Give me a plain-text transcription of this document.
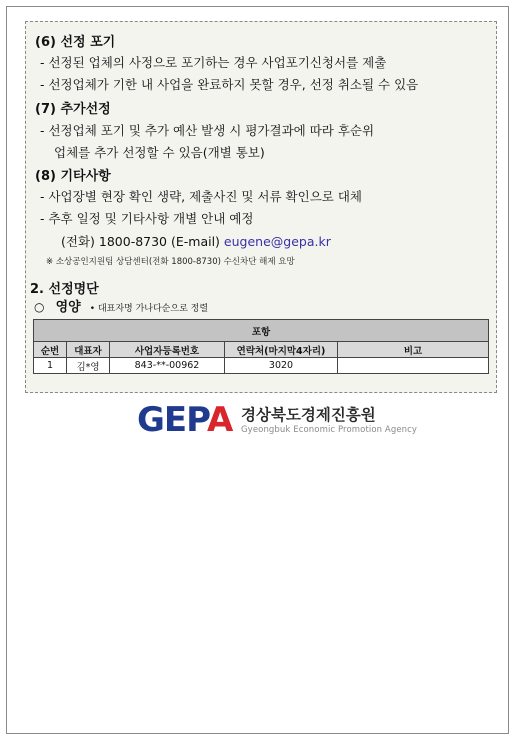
(6) 선정 포기
- 선정된 업체의 사정으로 포기하는 경우 사업포기신청서를 제출
- 선정업체가 기한 내 사업을 완료하지 못할 경우, 선정 취소될 수 있음
(7) 추가선정
- 선정업체 포기 및 추가 예산 발생 시 평가결과에 따라 후순위
업체를 추가 선정할 수 있음(개별 통보)
(8) 기타사항
- 사업장별 현장 확인 생략, 제출사진 및 서류 확인으로 대체
- 추후 일정 및 기타사항 개별 안내 예정
(전화) 1800-8730 (E-mail) eugene@gepa.kr
※ 소상공인지원팀 상담센터(전화 1800-8730) 수신차단 해제 요망
2. 선정명단
○ 영양 • 대표자명 가나다순으로 정렬
포항				
순번	대표자	사업자등록번호	연락처(마지막4자리)	비고
1	김*영	843-**-00962	3020	
GEPA 경상북도경제진흥원
Gyeongbuk Economic Promotion Agency
